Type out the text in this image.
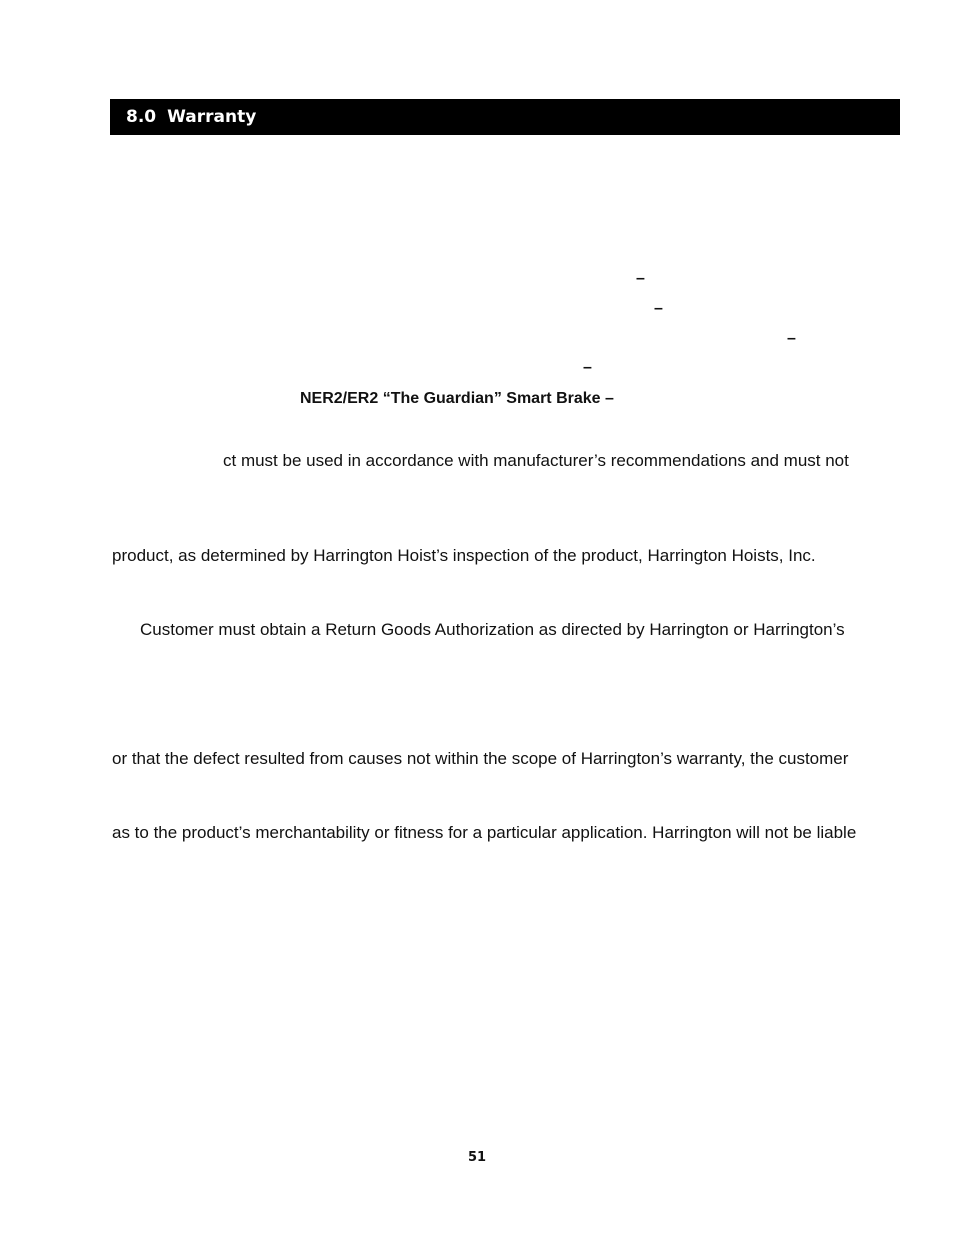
8.0 Warranty
–
–
–
–
NER2/ER2 “The Guardian” Smart Brake –
ct must be used in accordance with manufacturer’s recommendations and must not
product, as determined by Harrington Hoist’s inspection of the product, Harrington Hoists, Inc.
Customer must obtain a Return Goods Authorization as directed by Harrington or Harrington’s
or that the defect resulted from causes not within the scope of Harrington’s warranty, the customer
as to the product’s merchantability or fitness for a particular application. Harrington will not be liable
51
